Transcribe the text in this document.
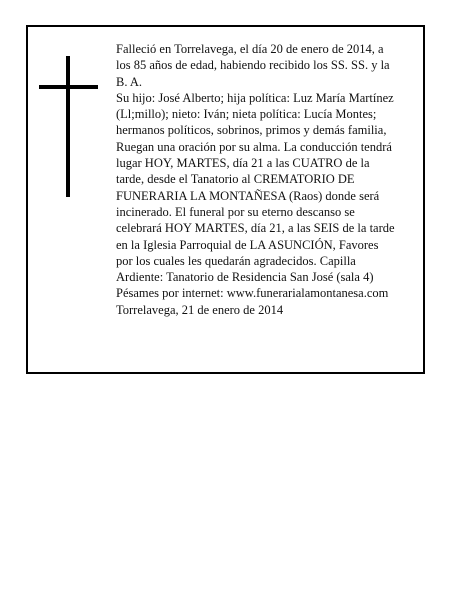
Falleció en Torrelavega, el día 20 de enero de 2014, a
los 85 años de edad, habiendo recibido los SS. SS. y la
B. A.
Su hijo: José Alberto; hija política: Luz María Martínez
(Ll;millo); nieto: Iván; nieta política: Lucía Montes;
hermanos políticos, sobrinos, primos y demás familia,
Ruegan una oración por su alma. La conducción tendrá
lugar HOY, MARTES, día 21 a las CUATRO de la
tarde, desde el Tanatorio al CREMATORIO DE
FUNERARIA LA MONTAÑESA (Raos) donde será
incinerado. El funeral por su eterno descanso se
celebrará HOY MARTES, día 21, a las SEIS de la tarde
en la Iglesia Parroquial de LA ASUNCIÓN, Favores
por los cuales les quedarán agradecidos. Capilla
Ardiente: Tanatorio de Residencia San José (sala 4)
Pésames por internet: www.funerarialamontanesa.com
Torrelavega, 21 de enero de 2014
